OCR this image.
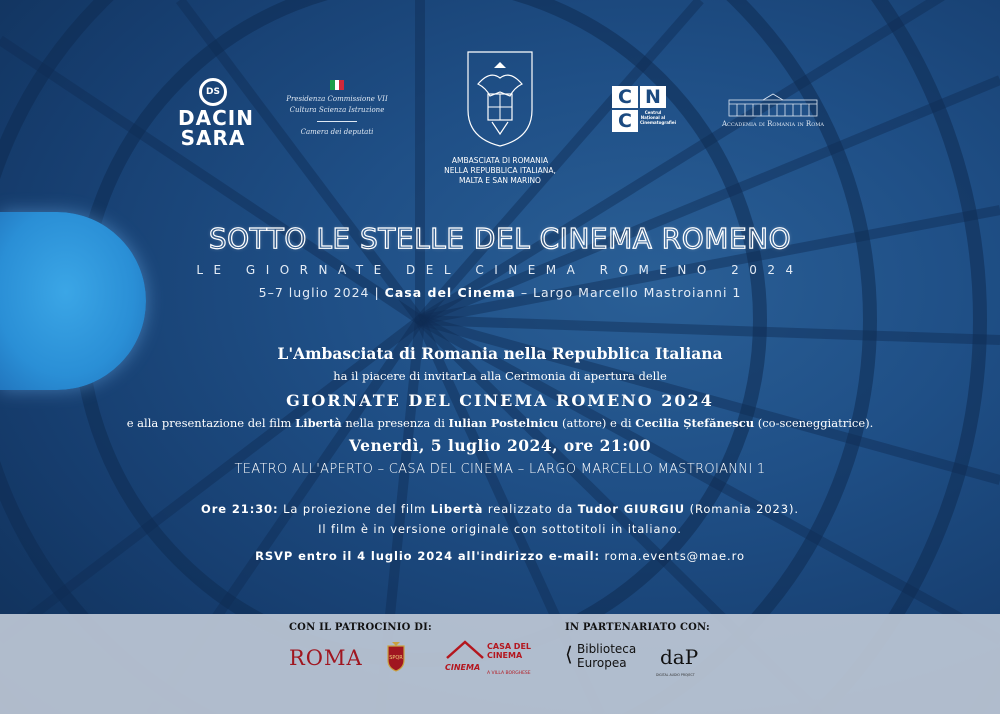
DS
DACIN
SARA
Presidenza Commissione VII
Cultura Scienza Istruzione
Camera dei deputati
AMBASCIATA DI ROMANIA
NELLA REPUBBLICA ITALIANA,
MALTA E SAN MARINO
C N
C	Centrul Național al Cinematografiei	Accademia di Romania in Roma
SOTTO LE STELLE DEL CINEMA ROMENO
LE GIORNATE DEL CINEMA ROMENO 2024
5–7 luglio 2024 | Casa del Cinema – Largo Marcello Mastroianni 1
L'Ambasciata di Romania nella Repubblica Italiana
ha il piacere di invitarLa alla Cerimonia di apertura delle
GIORNATE DEL CINEMA ROMENO 2024
e alla presentazione del film Libertà nella presenza di Iulian Postelnicu (attore) e di Cecilia Ștefănescu (co-sceneggiatrice).
Venerdì, 5 luglio 2024, ore 21:00
TEATRO ALL'APERTO – CASA DEL CINEMA – LARGO MARCELLO MASTROIANNI 1
Ore 21:30: La proiezione del film Libertà realizzato da Tudor GIURGIU (Romania 2023).
Il film è in versione originale con sottotitoli in italiano.
RSVP entro il 4 luglio 2024 all'indirizzo e-mail: roma.events@mae.ro
CON IL PATROCINIO DI:
ROMA	SPQR
CINEMA
CASA DEL
CINEMA
A VILLA BORGHESE
IN PARTENARIATO CON:
⟨ Biblioteca
Europea	daP
DIGITAL AUDIO PROJECT
